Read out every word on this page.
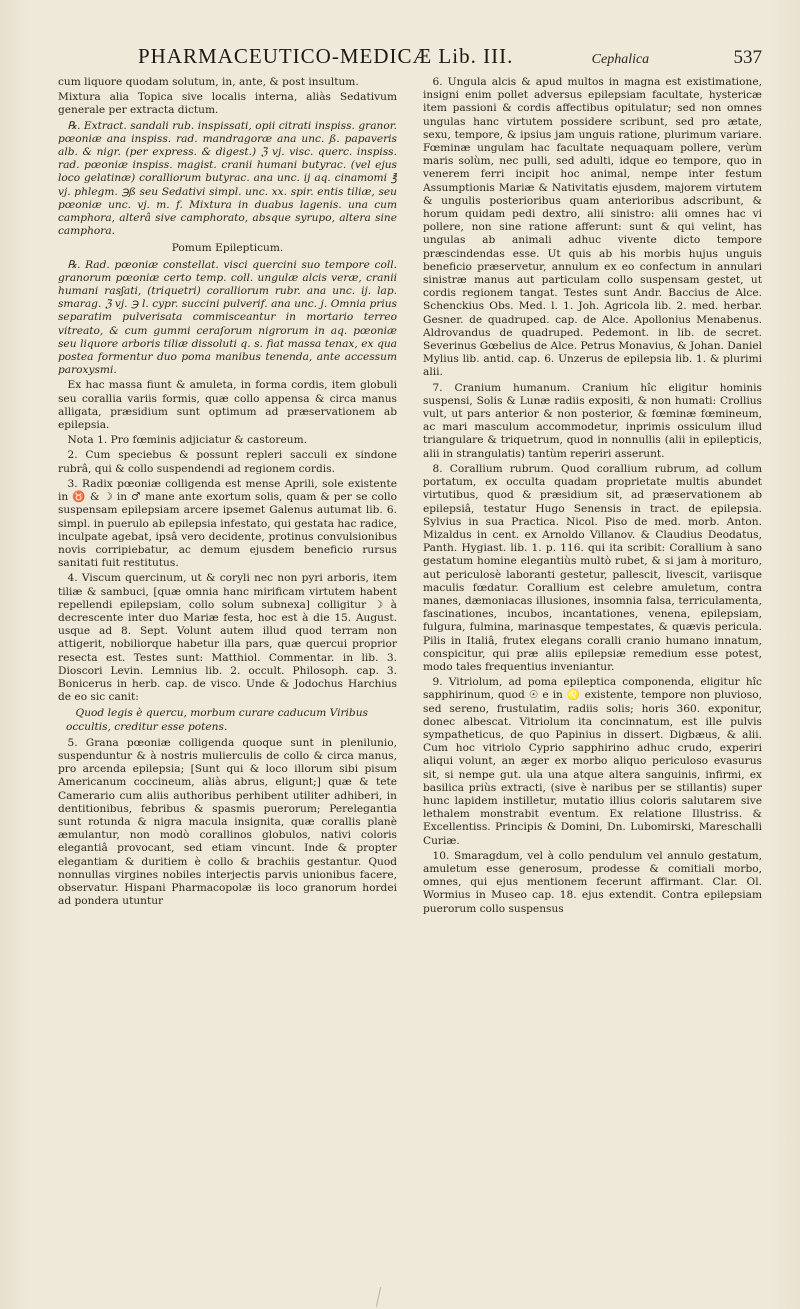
PHARMACEUTICO-MEDICÆ Lib. III.	Cephalica	537

cum liquore quodam solutum, in, ante, & post insultum.

Mixtura alia Topica sive localis interna, aliàs Sedativum generale per extracta dictum.

℞. Extract. sandali rub. inspissati, opii citrati inspiss. granor. pœoniæ ana inspiss. rad. mandragoræ ana unc. ß. papaveris alb. & nigr. (per express. & digest.) ℨ vj. visc. querc. inspiss. rad. pœoniæ inspiss. magist. cranii humani butyrac. (vel ejus loco gelatinæ) coralliorum butyrac. ana unc. ij aq. cinamomi ℥ vj. phlegm. ℈ß seu Sedativi simpl. unc. xx. spir. entis tiliæ, seu pœoniæ unc. vj. m. f. Mixtura in duabus lagenis. una cum camphora, alterâ sive camphorato, absque syrupo, altera sine camphora.

Pomum Epilepticum.

℞. Rad. pœoniæ constellat. visci quercini suo tempore coll. granorum pœoniæ certo temp. coll. ungulæ alcis veræ, cranii humani rasʃati, (triquetri) coralliorum rubr. ana unc. ij. lap. smarag. ℨ vj. ℈ l. cypr. succini pulverif. ana unc. j. Omnia prius separatim pulverisata commisceantur in mortario terreo vitreato, & cum gummi ceraſorum nigrorum in aq. pœoniæ seu liquore arboris tiliæ dissoluti q. s. fiat massa tenax, ex qua postea formentur duo poma manibus tenenda, ante accessum paroxysmi.

Ex hac massa fiunt & amuleta, in forma cordis, item globuli seu corallia variis formis, quæ collo appensa & circa manus alligata, præsidium sunt optimum ad præservationem ab epilepsia.

Nota 1. Pro fœminis adjiciatur & castoreum.

2. Cum speciebus & possunt repleri sacculi ex sindone rubrâ, qui & collo suspendendi ad regionem cordis.

3. Radix pœoniæ colligenda est mense Aprili, sole existente in ♉ & ☽ in ♂ mane ante exortum solis, quam & per se collo suspensam epilepsiam arcere ipsemet Galenus autumat lib. 6. simpl. in puerulo ab epilepsia infestato, qui gestata hac radice, inculpate agebat, ipsâ vero decidente, protinus convulsionibus novis corripiebatur, ac demum ejusdem beneficio rursus sanitati fuit restitutus.

4. Viscum quercinum, ut & coryli nec non pyri arboris, item tiliæ & sambuci, [quæ omnia hanc mirificam virtutem habent repellendi epilepsiam, collo solum subnexa] colligitur ☽ à decrescente inter duo Mariæ festa, hoc est à die 15. August. usque ad 8. Sept. Volunt autem illud quod terram non attigerit, nobiliorque habetur illa pars, quæ quercui proprior resecta est. Testes sunt: Matthiol. Commentar. in lib. 3. Dioscori Levin. Lemnius lib. 2. occult. Philosoph. cap. 3. Bonicerus in herb. cap. de visco. Unde & Jodochus Harchius de eo sic canit:

Quod legis è quercu, morbum curare caducum Viribus occultis, creditur esse potens.

5. Grana pœoniæ colligenda quoque sunt in plenilunio, suspenduntur & à nostris mulierculis de collo & circa manus, pro arcenda epilepsia; [Sunt qui & loco illorum sibi pisum Americanum coccineum, aliàs abrus, eligunt;] quæ & tete Camerario cum aliis authoribus perhibent utiliter adhiberi, in dentitionibus, febribus & spasmis puerorum; Perelegantia sunt rotunda & nigra macula insignita, quæ corallis planè æmulantur, non modò corallinos globulos, nativi coloris elegantiâ provocant, sed etiam vincunt. Inde & propter elegantiam & duritiem è collo & brachiis gestantur. Quod nonnullas virgines nobiles interjectis parvis unionibus facere, observatur. Hispani Pharmacopolæ iis loco granorum hordei ad pondera utuntur

6. Ungula alcis & apud multos in magna est existimatione, insigni enim pollet adversus epilepsiam facultate, hystericæ item passioni & cordis affectibus opitulatur; sed non omnes ungulas hanc virtutem possidere scribunt, sed pro ætate, sexu, tempore, & ipsius jam unguis ratione, plurimum variare. Fœminæ ungulam hac facultate nequaquam pollere, verùm maris solùm, nec pulli, sed adulti, idque eo tempore, quo in venerem ferri incipit hoc animal, nempe inter festum Assumptionis Mariæ & Nativitatis ejusdem, majorem virtutem & ungulis posterioribus quam anterioribus adscribunt, & horum quidam pedi dextro, alii sinistro: alii omnes hac vi pollere, non sine ratione afferunt: sunt & qui velint, has ungulas ab animali adhuc vivente dicto tempore præscindendas esse. Ut quis ab his morbis hujus unguis beneficio præservetur, annulum ex eo confectum in annulari sinistræ manus aut particulam collo suspensam gestet, ut cordis regionem tangat. Testes sunt Andr. Baccius de Alce. Schenckius Obs. Med. l. 1. Joh. Agricola lib. 2. med. herbar. Gesner. de quadruped. cap. de Alce. Apollonius Menabenus. Aldrovandus de quadruped. Pedemont. in lib. de secret. Severinus Gœbelius de Alce. Petrus Monavius, & Johan. Daniel Mylius lib. antid. cap. 6. Unzerus de epilepsia lib. 1. & plurimi alii.

7. Cranium humanum. Cranium hîc eligitur hominis suspensi, Solis & Lunæ radiis expositi, & non humati: Crollius vult, ut pars anterior & non posterior, & fœminæ fœmineum, ac mari masculum accommodetur, inprimis ossiculum illud triangulare & triquetrum, quod in nonnullis (alii in epilepticis, alii in strangulatis) tantùm reperiri asserunt.

8. Corallium rubrum. Quod corallium rubrum, ad collum portatum, ex occulta quadam proprietate multis abundet virtutibus, quod & præsidium sit, ad præservationem ab epilepsiâ, testatur Hugo Senensis in tract. de epilepsia. Sylvius in sua Practica. Nicol. Piso de med. morb. Anton. Mizaldus in cent. ex Arnoldo Villanov. & Claudius Deodatus, Panth. Hygiast. lib. 1. p. 116. qui ita scribit: Corallium à sano gestatum homine elegantiùs multò rubet, & si jam à morituro, aut periculosè laboranti gestetur, pallescit, livescit, variisque maculis fœdatur. Corallium est celebre amuletum, contra manes, dæmoniacas illusiones, insomnia falsa, terriculamenta, fascinationes, incubos, incantationes, venena, epilepsiam, fulgura, fulmina, marinasque tempestates, & quævis pericula. Pilis in Italiâ, frutex elegans coralli cranio humano innatum, conspicitur, qui præ aliis epilepsiæ remedium esse potest, modo tales frequentius inveniantur.

9. Vitriolum, ad poma epileptica componenda, eligitur hîc sapphirinum, quod ☉ e in ♌ existente, tempore non pluvioso, sed sereno, frustulatim, radiis solis; horis 360. exponitur, donec albescat. Vitriolum ita concinnatum, est ille pulvis sympatheticus, de quo Papinius in dissert. Digbæus, & alii. Cum hoc vitriolo Cyprio sapphirino adhuc crudo, experiri aliqui volunt, an æger ex morbo aliquo periculoso evasurus sit, si nempe gut. ula una atque altera sanguinis, infirmi, ex basilica priùs extracti, (sive è naribus per se stillantis) super hunc lapidem instilletur, mutatio illius coloris salutarem sive lethalem monstrabit eventum. Ex relatione Illustriss. & Excellentiss. Principis & Domini, Dn. Lubomirski, Mareschalli Curiæ.

10. Smaragdum, vel à collo pendulum vel annulo gestatum, amuletum esse generosum, prodesse & comitiali morbo, omnes, qui ejus mentionem fecerunt affirmant. Clar. Ol. Wormius in Museo cap. 18. ejus extendit. Contra epilepsiam puerorum collo suspensus
